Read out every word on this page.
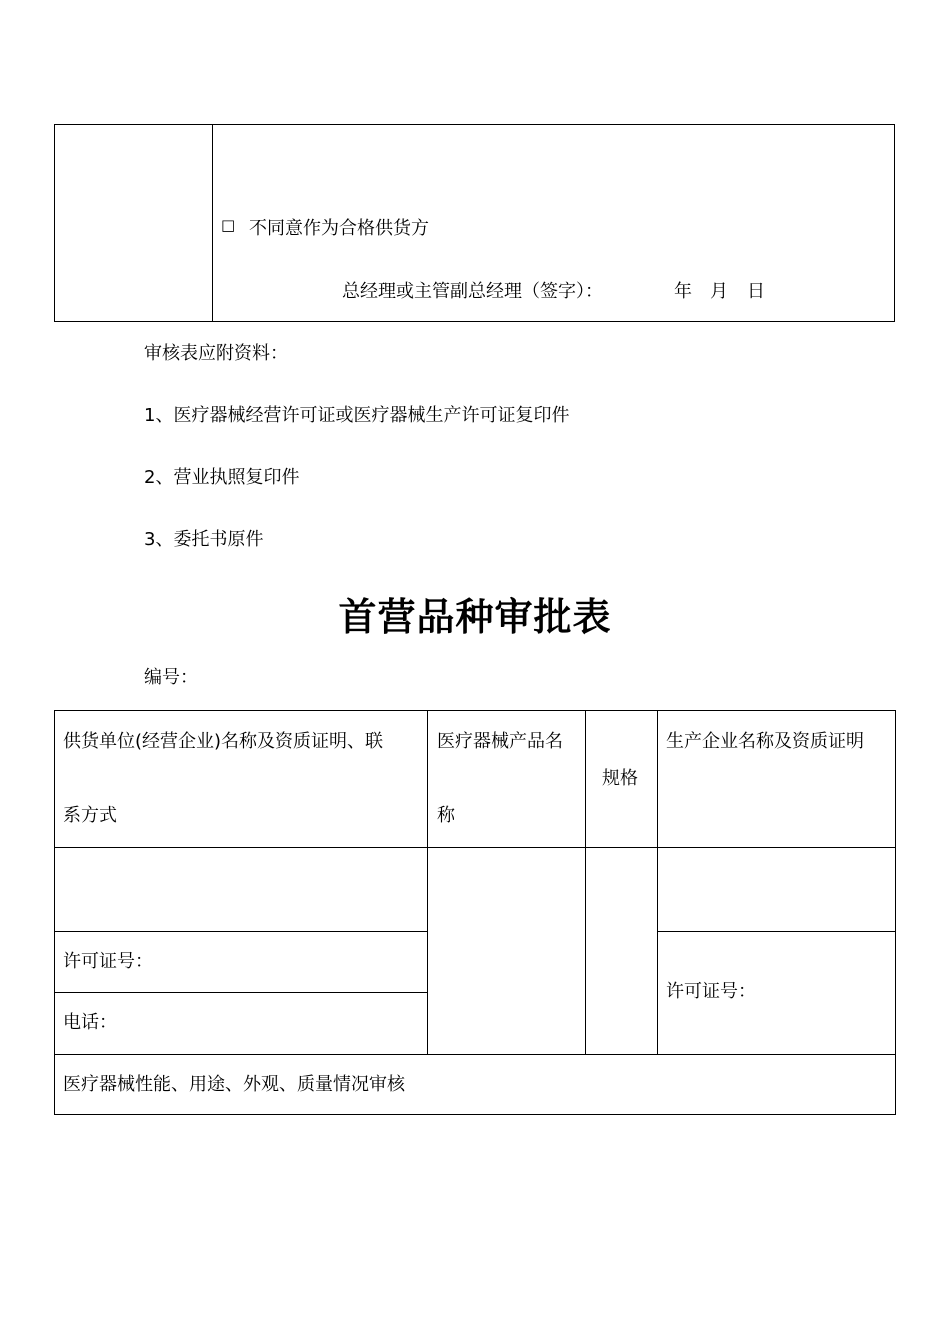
□ 不同意作为合格供货方
总经理或主管副总经理（签字）：	年 月 日
审核表应附资料：
1、医疗器械经营许可证或医疗器械生产许可证复印件
2、营业执照复印件
3、委托书原件
首营品种审批表
编号：
供货单位(经营企业)名称及资质证明、联
系方式
医疗器械产品名
称
规格
生产企业名称及资质证明
许可证号：
电话：
许可证号：
医疗器械性能、用途、外观、质量情况审核
